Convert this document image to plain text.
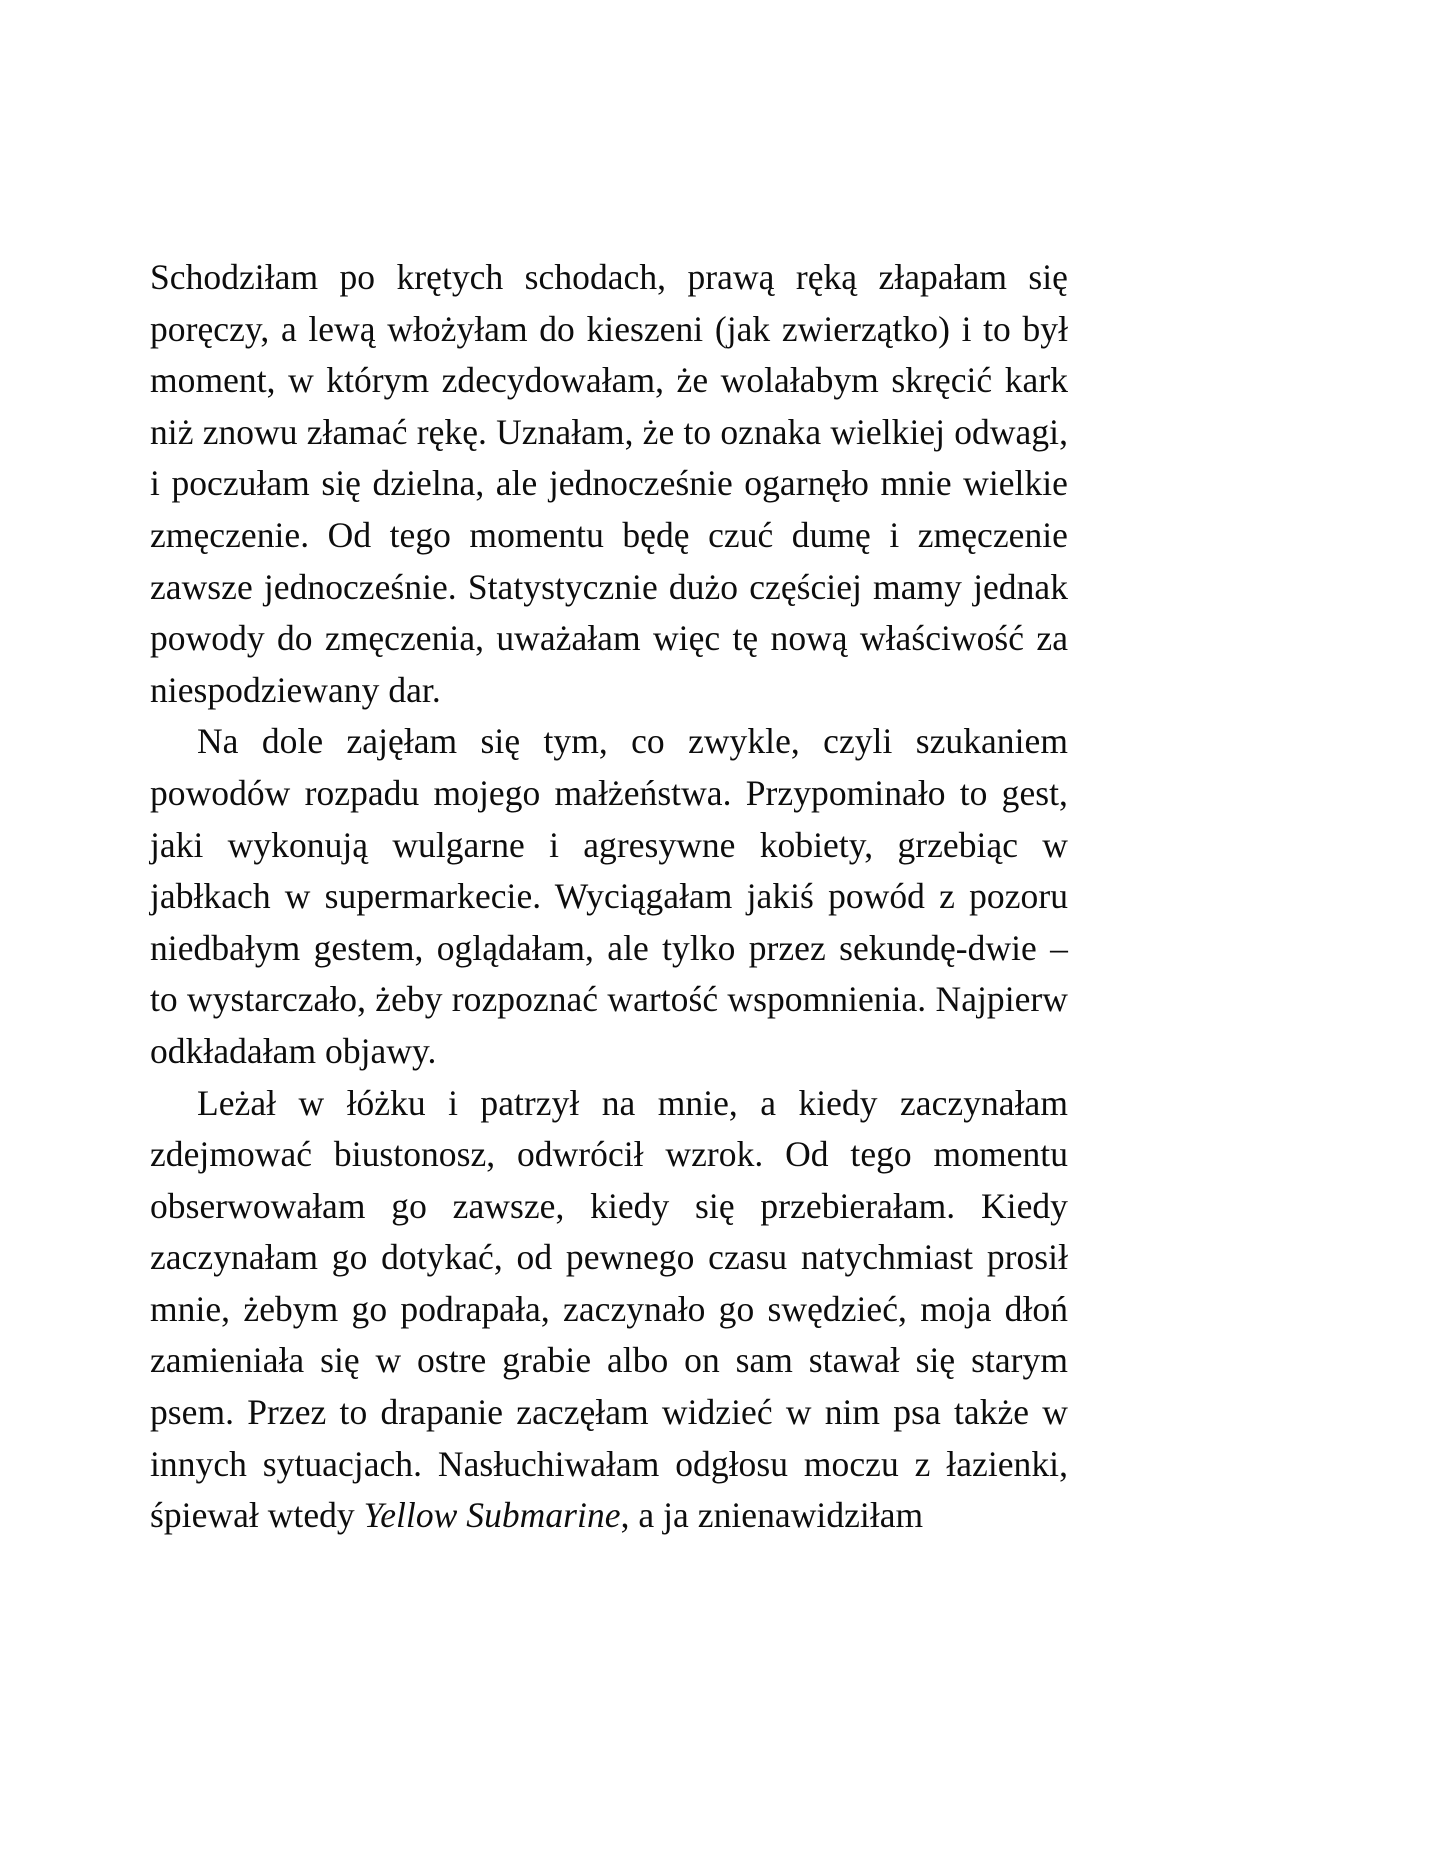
Schodziłam po krętych schodach, prawą ręką złapałam się poręczy, a lewą włożyłam do kieszeni (jak zwierzątko) i to był moment, w którym zdecydowałam, że wolałabym skręcić kark niż znowu złamać rękę. Uznałam, że to oznaka wielkiej odwagi, i poczułam się dzielna, ale jednocześnie ogarnęło mnie wielkie zmęczenie. Od tego momentu będę czuć dumę i zmęczenie zawsze jednocześnie. Statystycznie dużo częściej mamy jednak powody do zmęczenia, uważałam więc tę nową właściwość za niespodziewany dar.

Na dole zajęłam się tym, co zwykle, czyli szukaniem powodów rozpadu mojego małżeństwa. Przypominało to gest, jaki wykonują wulgarne i agresywne kobiety, grzebiąc w jabłkach w supermarkecie. Wyciągałam jakiś powód z pozoru niedbałym gestem, oglądałam, ale tylko przez sekundę-dwie – to wystarczało, żeby rozpoznać wartość wspomnienia. Najpierw odkładałam objawy.

Leżał w łóżku i patrzył na mnie, a kiedy zaczynałam zdejmować biustonosz, odwrócił wzrok. Od tego momentu obserwowałam go zawsze, kiedy się przebierałam. Kiedy zaczynałam go dotykać, od pewnego czasu natychmiast prosił mnie, żebym go podrapała, zaczynało go swędzieć, moja dłoń zamieniała się w ostre grabie albo on sam stawał się starym psem. Przez to drapanie zaczęłam widzieć w nim psa także w innych sytuacjach. Nasłuchiwałam odgłosu moczu z łazienki, śpiewał wtedy Yellow Submarine, a ja znienawidziłam
